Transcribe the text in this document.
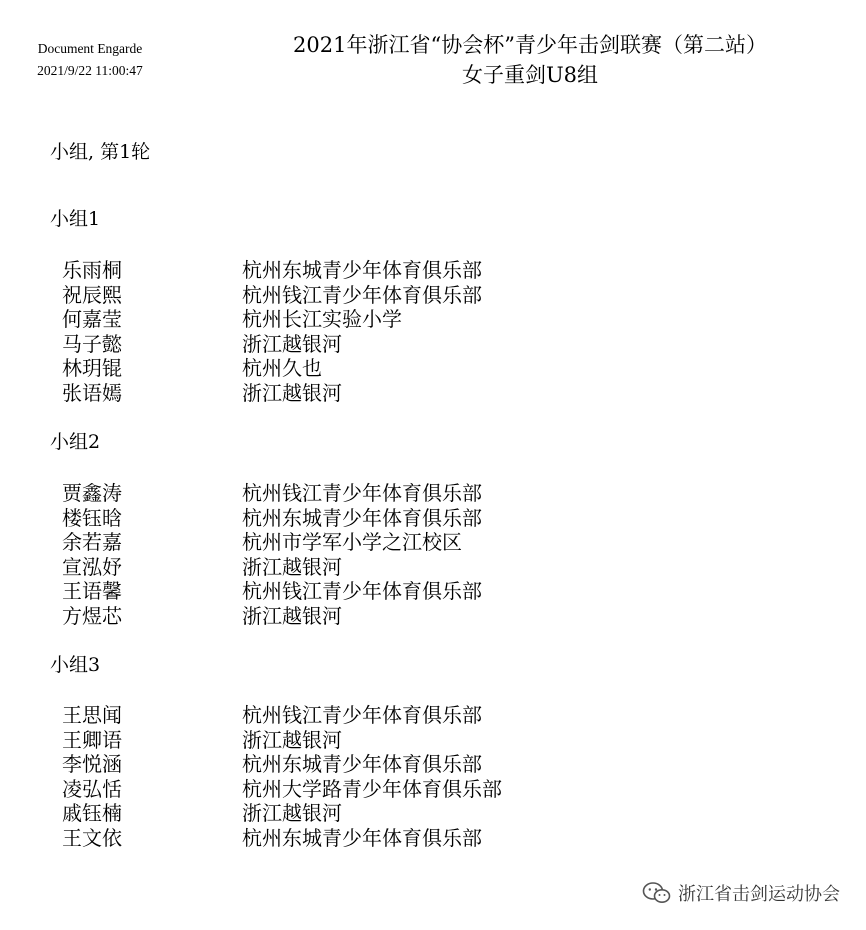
Document Engarde
2021/9/22 11:00:47
2021年浙江省“协会杯”青少年击剑联赛（第二站）
女子重剑U8组
小组, 第1轮
小组1
乐雨桐	杭州东城青少年体育俱乐部
祝辰熙	杭州钱江青少年体育俱乐部
何嘉莹	杭州长江实验小学
马子懿	浙江越银河
林玥锟	杭州久也
张语嫣	浙江越银河
小组2
贾鑫涛	杭州钱江青少年体育俱乐部
楼钰晗	杭州东城青少年体育俱乐部
余若嘉	杭州市学军小学之江校区
宣泓妤	浙江越银河
王语馨	杭州钱江青少年体育俱乐部
方煜芯	浙江越银河
小组3
王思闻	杭州钱江青少年体育俱乐部
王卿语	浙江越银河
李悦涵	杭州东城青少年体育俱乐部
凌弘恬	杭州大学路青少年体育俱乐部
戚钰楠	浙江越银河
王文依	杭州东城青少年体育俱乐部
浙江省击剑运动协会
